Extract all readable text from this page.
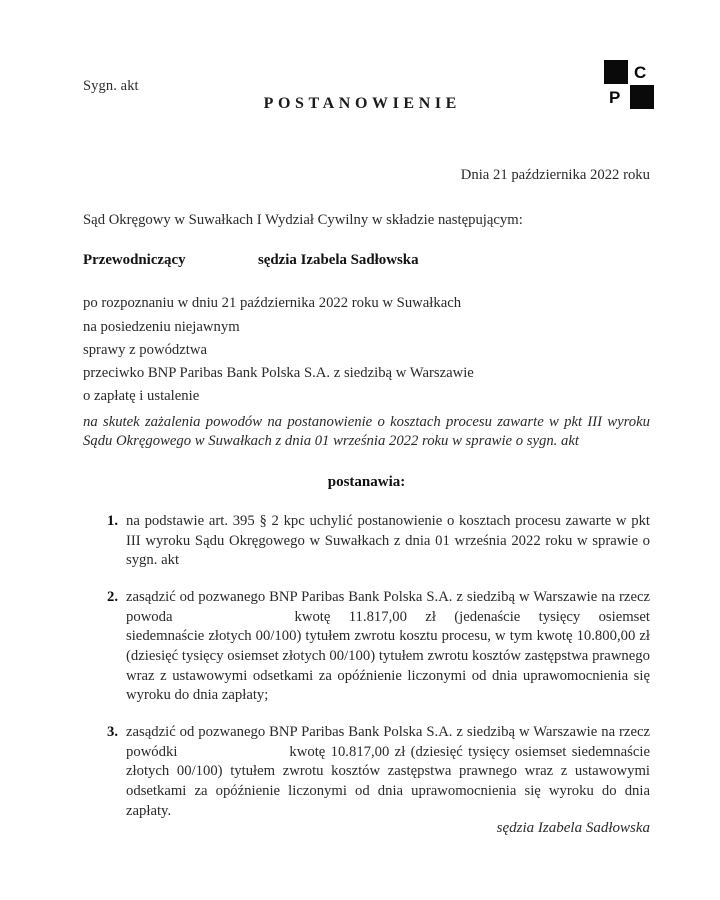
C
P
Sygn. akt
POSTANOWIENIE

Dnia 21 października 2022 roku

Sąd Okręgowy w Suwałkach I Wydział Cywilny w składzie następującym:

Przewodniczący	sędzia Izabela Sadłowska

po rozpoznaniu w dniu 21 października 2022 roku w Suwałkach

na posiedzeniu niejawnym

sprawy z powództwa

przeciwko BNP Paribas Bank Polska S.A. z siedzibą w Warszawie

o zapłatę i ustalenie

na skutek zażalenia powodów na postanowienie o kosztach procesu zawarte w pkt III wyroku Sądu Okręgowego w Suwałkach z dnia 01 września 2022 roku w sprawie o sygn. akt

postanawia:

na podstawie art. 395 § 2 kpc uchylić postanowienie o kosztach procesu zawarte w pkt III wyroku Sądu Okręgowego w Suwałkach z dnia 01 września 2022 roku w sprawie o sygn. akt
zasądzić od pozwanego BNP Paribas Bank Polska S.A. z siedzibą w Warszawie na rzecz powoda	kwotę 11.817,00 zł (jedenaście tysięcy osiemset siedemnaście złotych 00/100) tytułem zwrotu kosztu procesu, w tym kwotę 10.800,00 zł (dziesięć tysięcy osiemset złotych 00/100) tytułem zwrotu kosztów zastępstwa prawnego wraz z ustawowymi odsetkami za opóźnienie liczonymi od dnia uprawomocnienia się wyroku do dnia zapłaty;
zasądzić od pozwanego BNP Paribas Bank Polska S.A. z siedzibą w Warszawie na rzecz powódki	kwotę 10.817,00 zł (dziesięć tysięcy osiemset siedemnaście złotych 00/100) tytułem zwrotu kosztów zastępstwa prawnego wraz z ustawowymi odsetkami za opóźnienie liczonymi od dnia uprawomocnienia się wyroku do dnia zapłaty.
sędzia Izabela Sadłowska
